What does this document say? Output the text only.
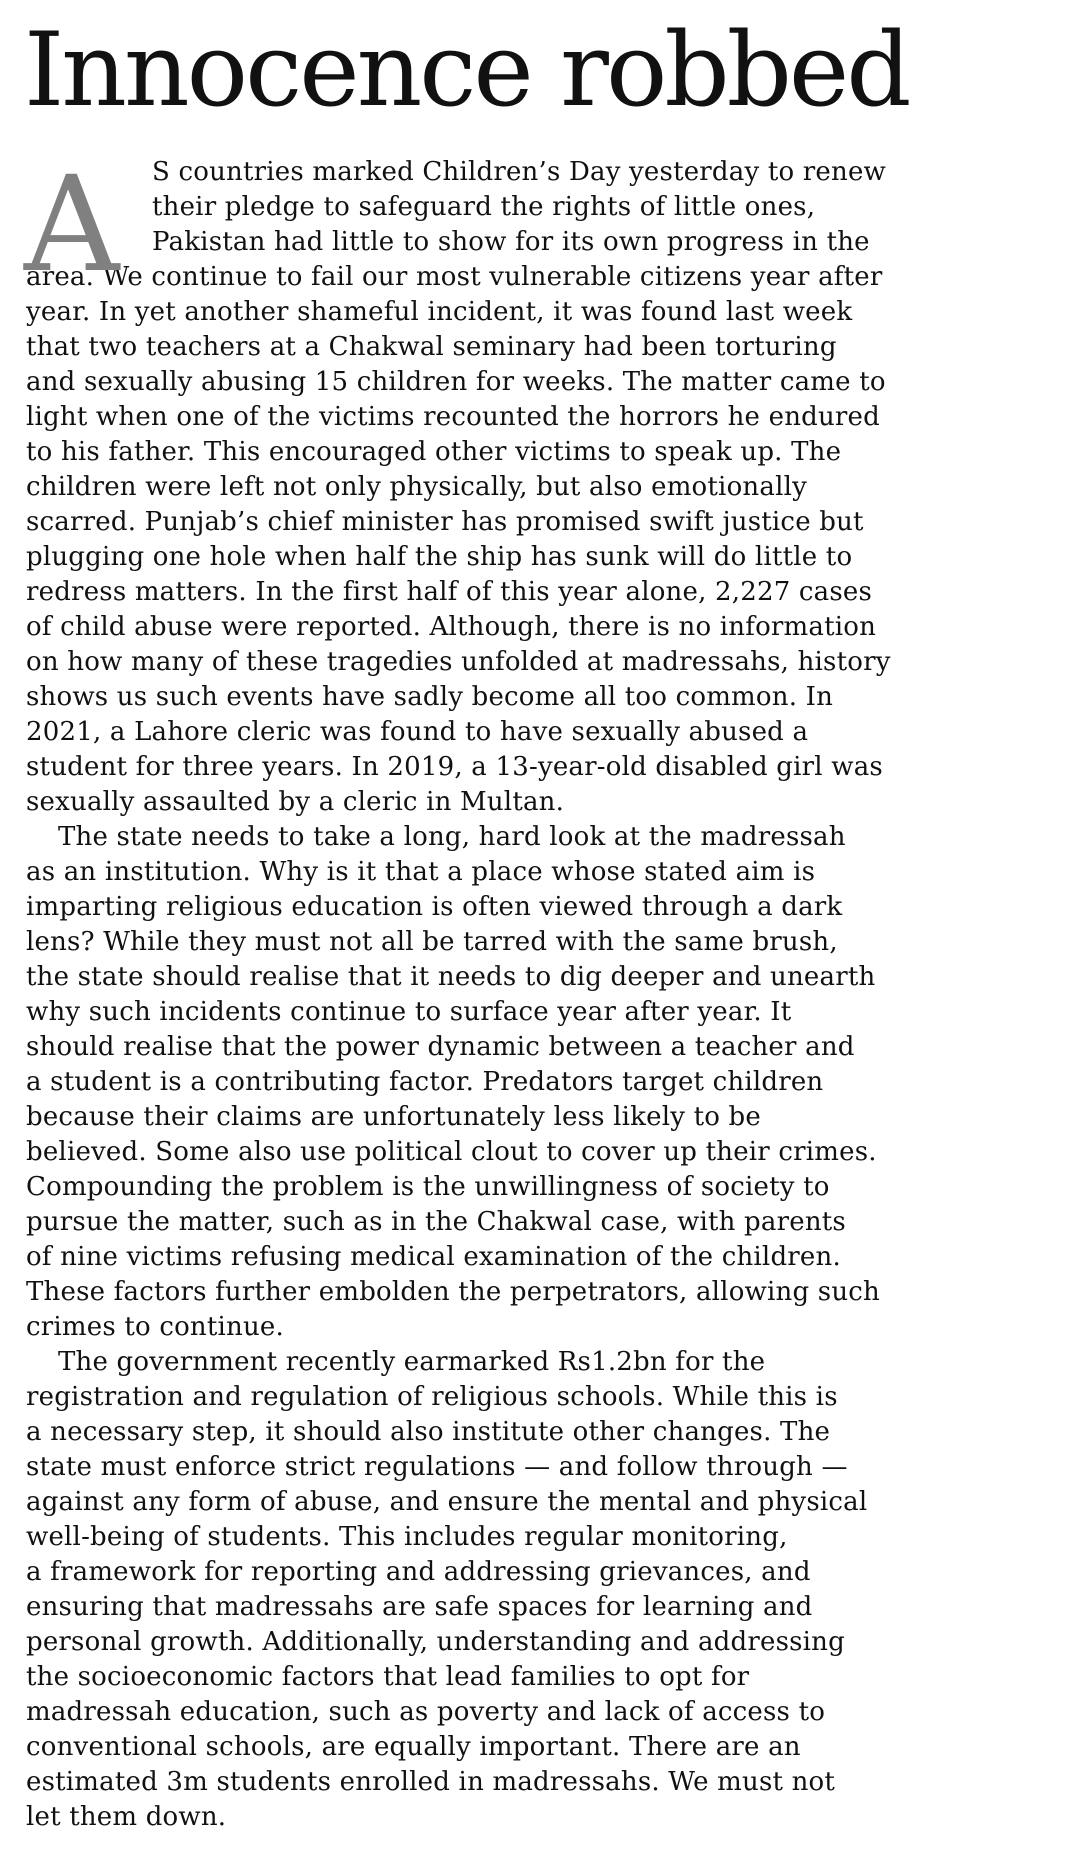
Innocence robbed
A	S countries marked Children’s Day yesterday to renew
their pledge to safeguard the rights of little ones,
Pakistan had little to show for its own progress in the
area. We continue to fail our most vulnerable citizens year after
year. In yet another shameful incident, it was found last week
that two teachers at a Chakwal seminary had been torturing
and sexually abusing 15 children for weeks. The matter came to
light when one of the victims recounted the horrors he endured
to his father. This encouraged other victims to speak up. The
children were left not only physically, but also emotionally
scarred. Punjab’s chief minister has promised swift justice but
plugging one hole when half the ship has sunk will do little to
redress matters. In the first half of this year alone, 2,227 cases
of child abuse were reported. Although, there is no information
on how many of these tragedies unfolded at madressahs, history
shows us such events have sadly become all too common. In
2021, a Lahore cleric was found to have sexually abused a
student for three years. In 2019, a 13-year-old disabled girl was
sexually assaulted by a cleric in Multan.
The state needs to take a long, hard look at the madressah
as an institution. Why is it that a place whose stated aim is
imparting religious education is often viewed through a dark
lens? While they must not all be tarred with the same brush,
the state should realise that it needs to dig deeper and unearth
why such incidents continue to surface year after year. It
should realise that the power dynamic between a teacher and
a student is a contributing factor. Predators target children
because their claims are unfortunately less likely to be
believed. Some also use political clout to cover up their crimes.
Compounding the problem is the unwillingness of society to
pursue the matter, such as in the Chakwal case, with parents
of nine victims refusing medical examination of the children.
These factors further embolden the perpetrators, allowing such
crimes to continue.
The government recently earmarked Rs1.2bn for the
registration and regulation of religious schools. While this is
a necessary step, it should also institute other changes. The
state must enforce strict regulations — and follow through —
against any form of abuse, and ensure the mental and physical
well-being of students. This includes regular monitoring,
a framework for reporting and addressing grievances, and
ensuring that madressahs are safe spaces for learning and
personal growth. Additionally, understanding and addressing
the socioeconomic factors that lead families to opt for
madressah education, such as poverty and lack of access to
conventional schools, are equally important. There are an
estimated 3m students enrolled in madressahs. We must not
let them down.
